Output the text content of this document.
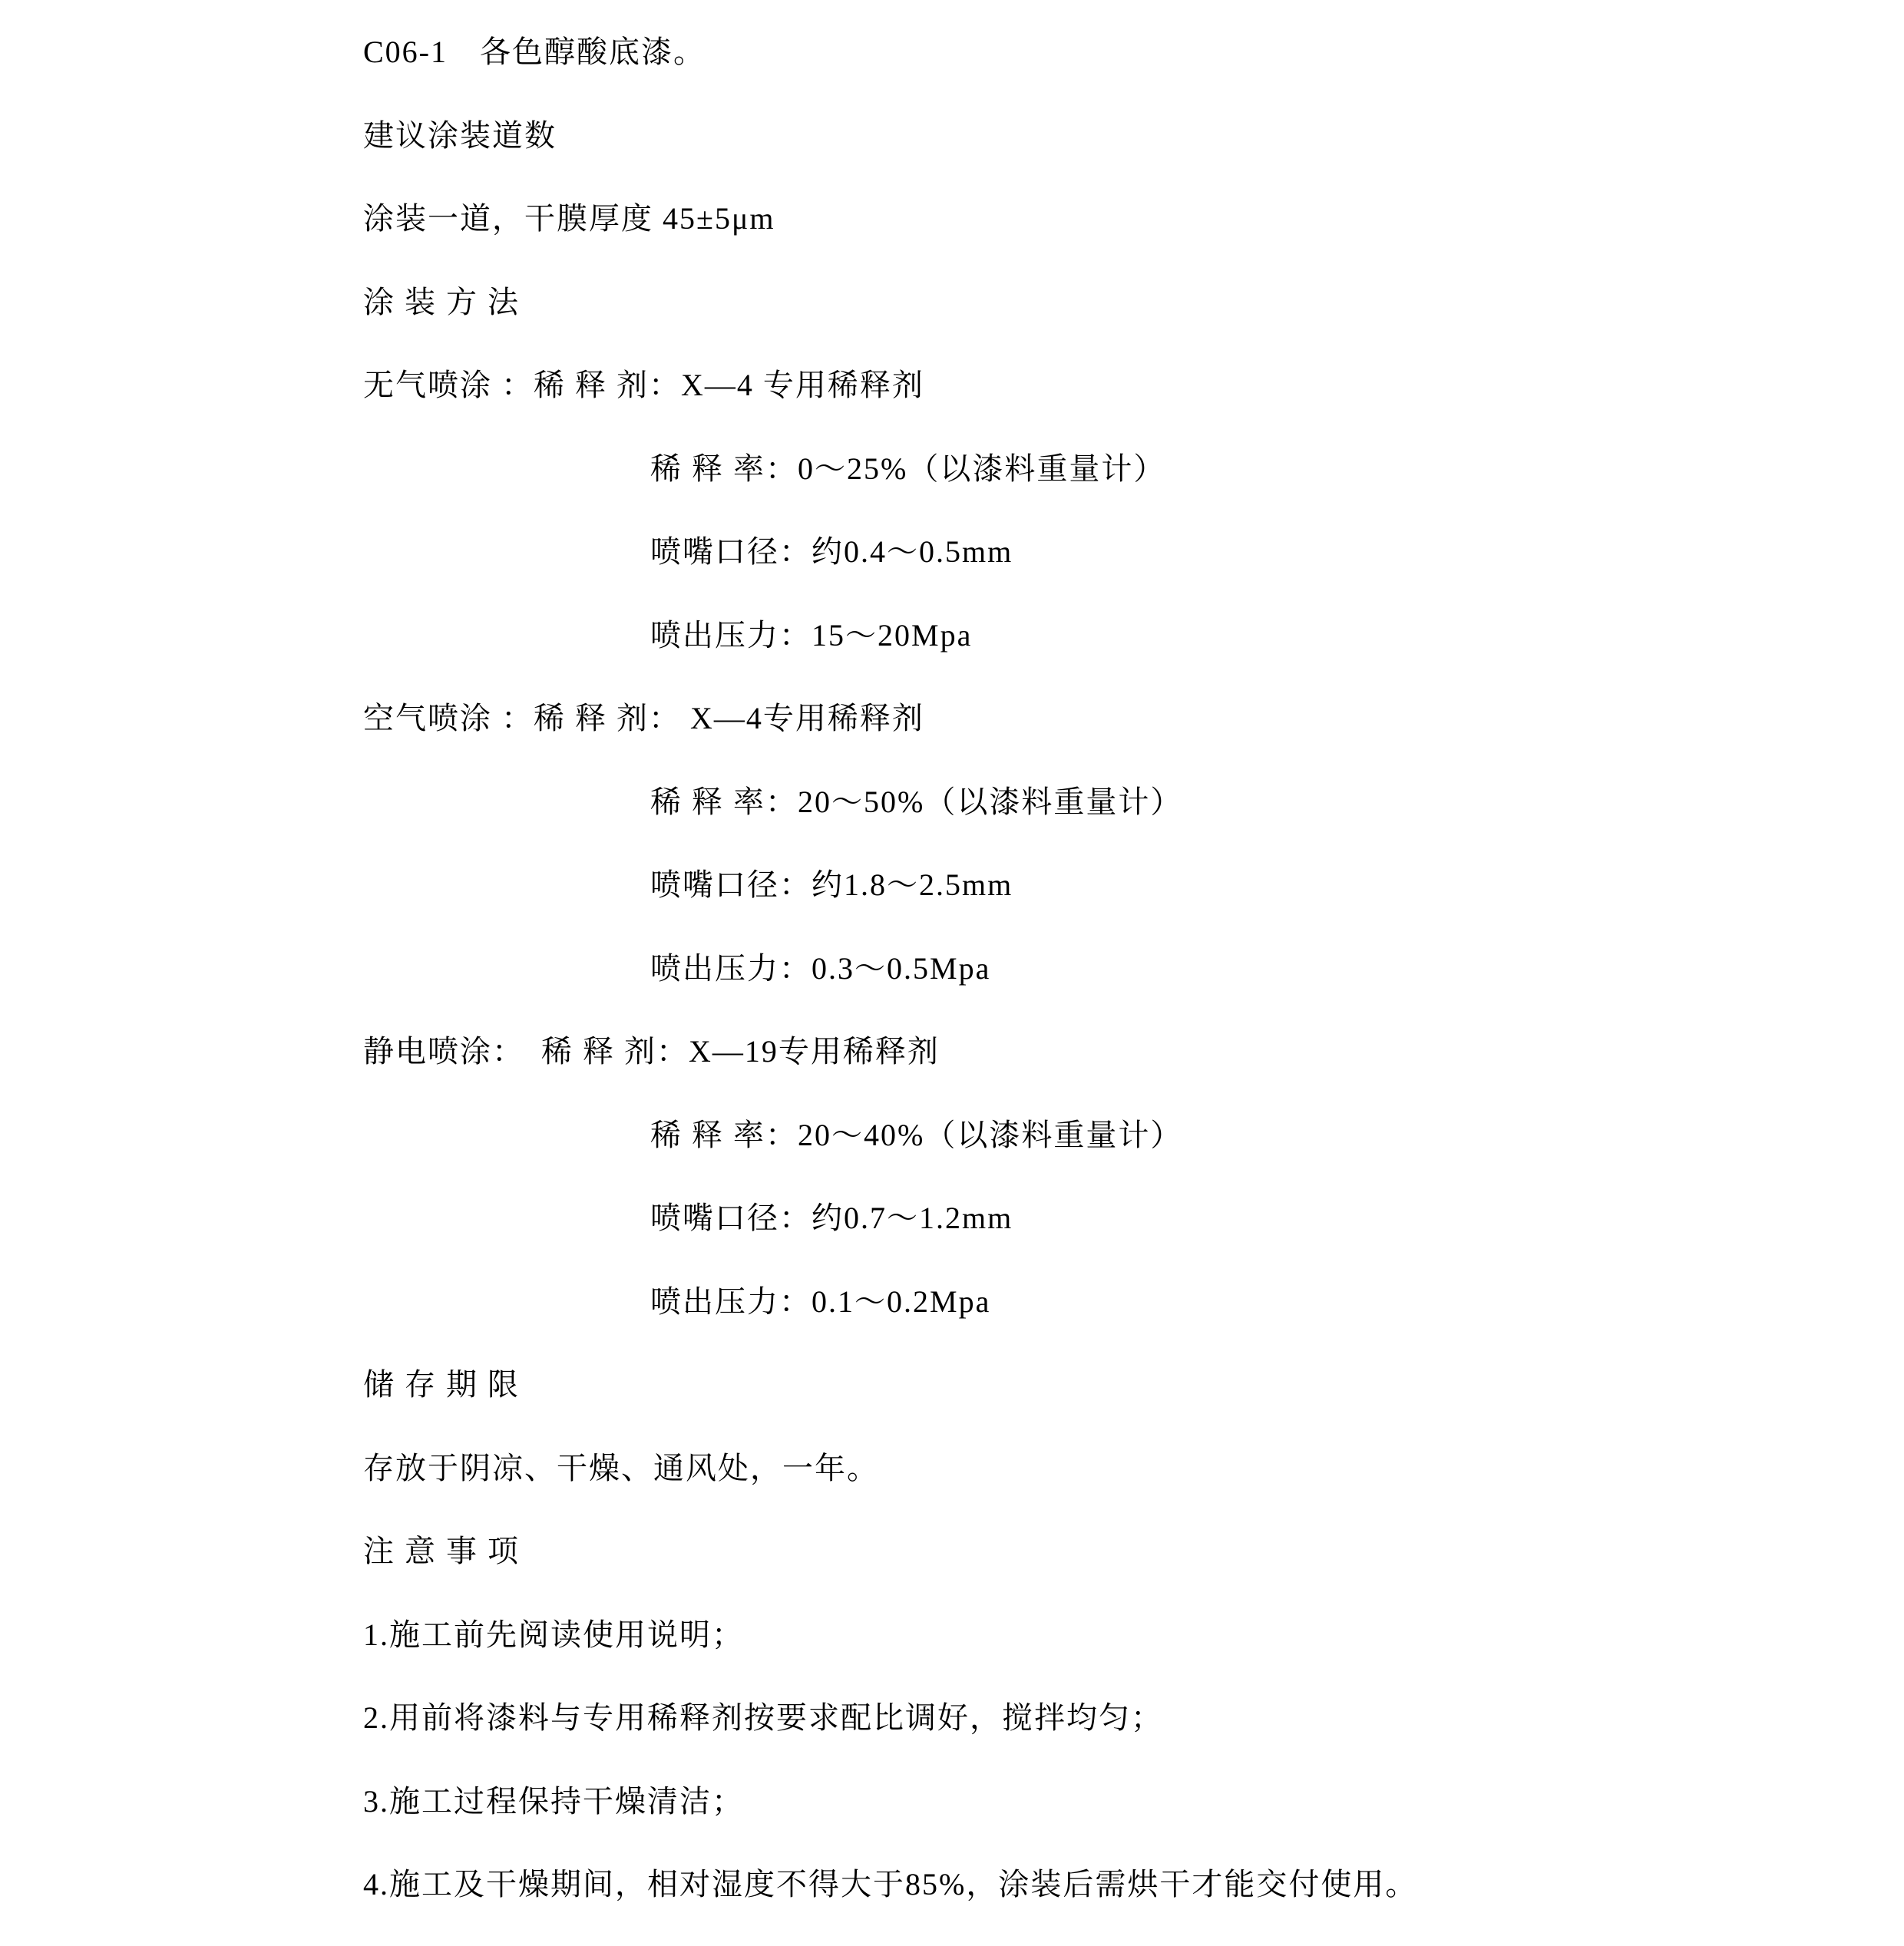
C06-1　各色醇酸底漆。
建议涂装道数
涂装一道，干膜厚度 45±5μm
涂 装 方 法
无气喷涂 ：稀 释 剂：X—4 专用稀释剂
稀 释 率：0～25%（以漆料重量计）
喷嘴口径：约0.4～0.5mm
喷出压力：15～20Mpa
空气喷涂 ：稀 释 剂： X—4专用稀释剂
稀 释 率：20～50%（以漆料重量计）
喷嘴口径：约1.8～2.5mm
喷出压力：0.3～0.5Mpa
静电喷涂：　稀 释 剂：X—19专用稀释剂
稀 释 率：20～40%（以漆料重量计）
喷嘴口径：约0.7～1.2mm
喷出压力：0.1～0.2Mpa
储 存 期 限
存放于阴凉、干燥、通风处，一年。
注 意 事 项
1.施工前先阅读使用说明；
2.用前将漆料与专用稀释剂按要求配比调好，搅拌均匀；
3.施工过程保持干燥清洁；
4.施工及干燥期间，相对湿度不得大于85%，涂装后需烘干才能交付使用。
